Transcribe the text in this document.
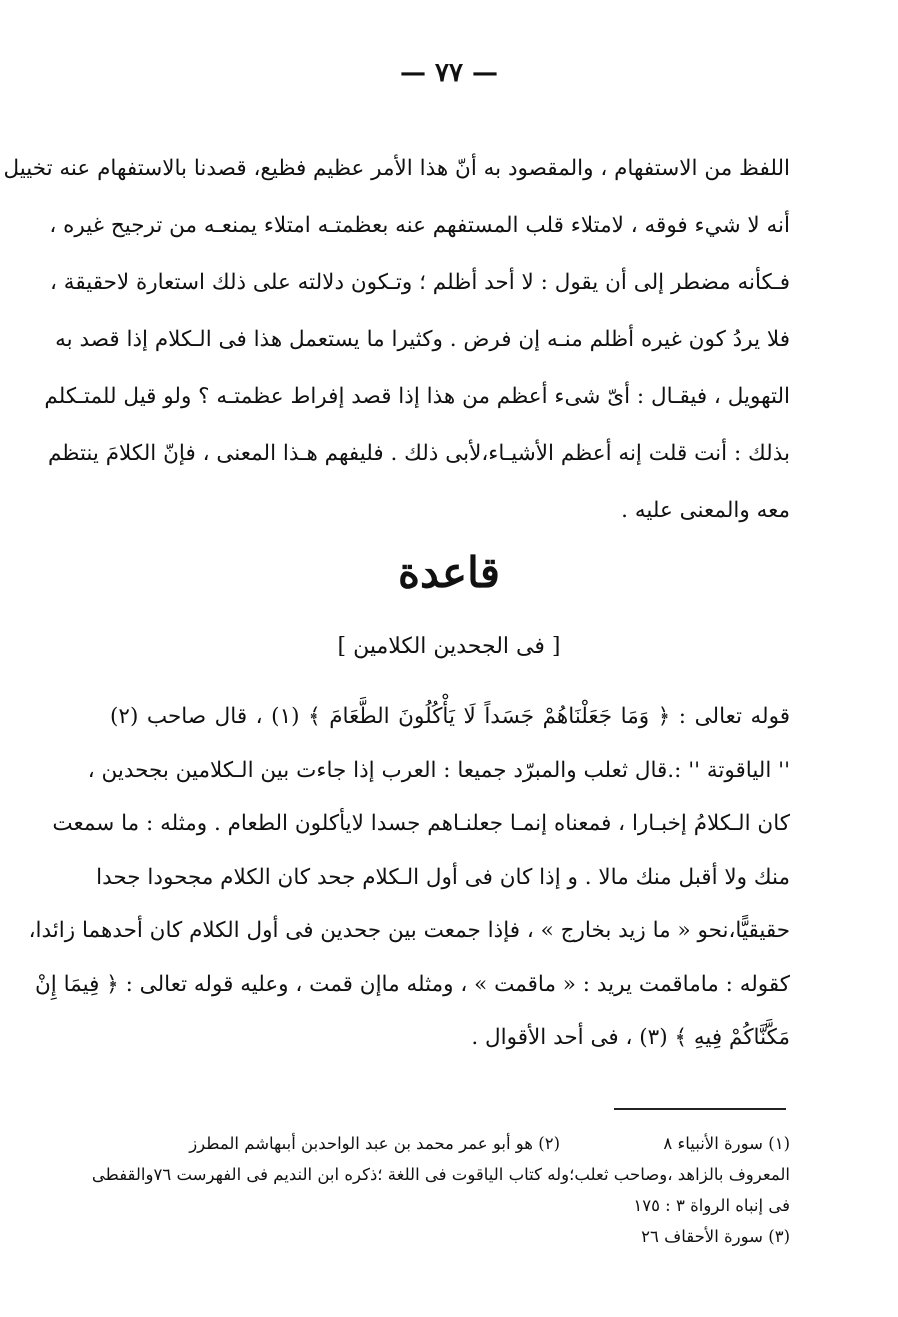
— ٧٧ —
اللفظ من الاستفهام ، والمقصود به أنّ هذا الأمر عظيم فظيع، قصدنا بالاستفهام عنه تخييل
أنه لا شيء فوقه ، لامتلاء قلب المستفهم عنه بعظمتـه امتلاء يمنعـه من ترجيح غيره ،
فـكأنه مضطر إلى أن يقول : لا أحد أظلم ؛ وتـكون دلالته على ذلك استعارة لاحقيقة ،
فلا يردُ كون غيره أظلم منـه إن فرض . وكثيرا ما يستعمل هذا فى الـكلام إذا قصد به
التهويل ، فيقـال : أىّ شىء أعظم من هذا إذا قصد إفراط عظمتـه ؟ ولو قيل للمتـكلم
بذلك : أنت قلت إنه أعظم الأشيـاء،لأبى ذلك . فليفهم هـذا المعنى ، فإنّ الكلامَ ينتظم
معه والمعنى عليه .
قاعدة
[ فى الجحدين الكلامين ]
قوله تعالى : ﴿ وَمَا جَعَلْنَاهُمْ جَسَداً لَا يَأْكُلُونَ الطَّعَامَ ﴾ (١) ، قال صاحب (٢)
'' الياقوتة '' :.قال ثعلب والمبرّد جميعا : العرب إذا جاءت بين الـكلامين بجحدين ،
كان الـكلامُ إخبـارا ، فمعناه إنمـا جعلنـاهم جسدا لايأكلون الطعام . ومثله : ما سمعت
منك ولا أقبل منك مالا . و إذا كان فى أول الـكلام جحد كان الكلام مجحودا جحدا
حقيقيًّا،نحو « ما زيد بخارج » ، فإذا جمعت بين جحدين فى أول الكلام كان أحدهما زائدا،
كقوله : ماماقمت يريد : « ماقمت » ، ومثله ماإن قمت ، وعليه قوله تعالى : ﴿ فِيمَا إِنْ
مَكَّنَّاكُمْ فِيهِ ﴾ (٣) ، فى أحد الأقوال .
(١) سورة الأنبياء ٨
(٢) هو أبو عمر محمد بن عبد الواحدبن أبىهاشم المطرز
المعروف بالزاهد ،وصاحب ثعلب؛وله كتاب الياقوت فى اللغة ؛ذكره ابن النديم فى الفهرست ٧٦والقفطى
فى إنباه الرواة ٣ : ١٧٥
(٣) سورة الأحقاف ٢٦
